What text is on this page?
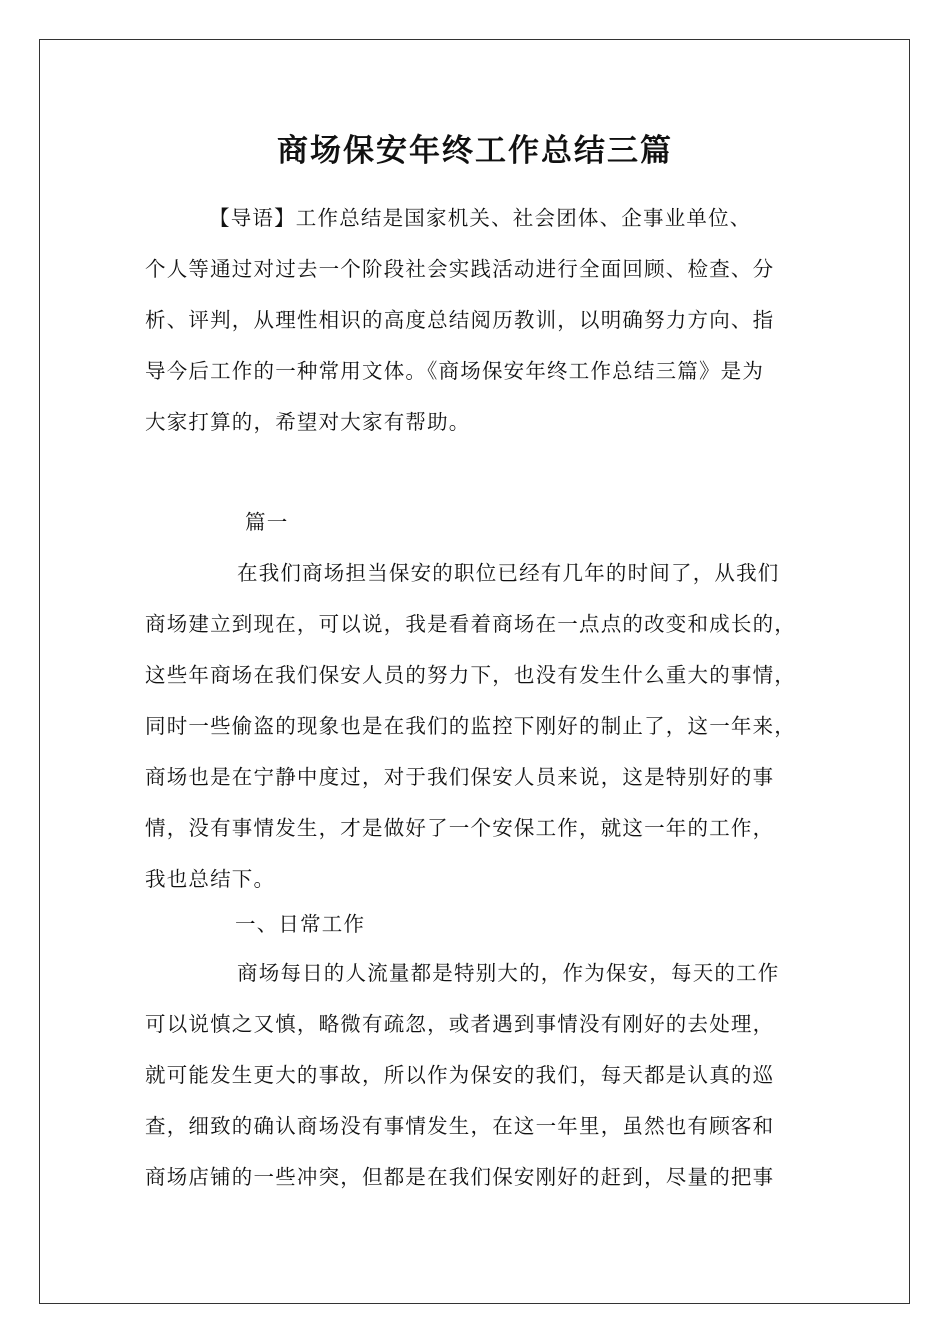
商场保安年终工作总结三篇
【导语】工作总结是国家机关、社会团体、企事业单位、
个人等通过对过去一个阶段社会实践活动进行全面回顾、检查、分
析、评判，从理性相识的高度总结阅历教训，以明确努力方向、指
导今后工作的一种常用文体。《商场保安年终工作总结三篇》是为
大家打算的，希望对大家有帮助。
篇一
在我们商场担当保安的职位已经有几年的时间了，从我们
商场建立到现在，可以说，我是看着商场在一点点的改变和成长的，
这些年商场在我们保安人员的努力下，也没有发生什么重大的事情，
同时一些偷盗的现象也是在我们的监控下刚好的制止了，这一年来，
商场也是在宁静中度过，对于我们保安人员来说，这是特别好的事
情，没有事情发生，才是做好了一个安保工作，就这一年的工作，
我也总结下。
一、日常工作
商场每日的人流量都是特别大的，作为保安，每天的工作
可以说慎之又慎，略微有疏忽，或者遇到事情没有刚好的去处理，
就可能发生更大的事故，所以作为保安的我们，每天都是认真的巡
查，细致的确认商场没有事情发生，在这一年里，虽然也有顾客和
商场店铺的一些冲突，但都是在我们保安刚好的赶到，尽量的把事
